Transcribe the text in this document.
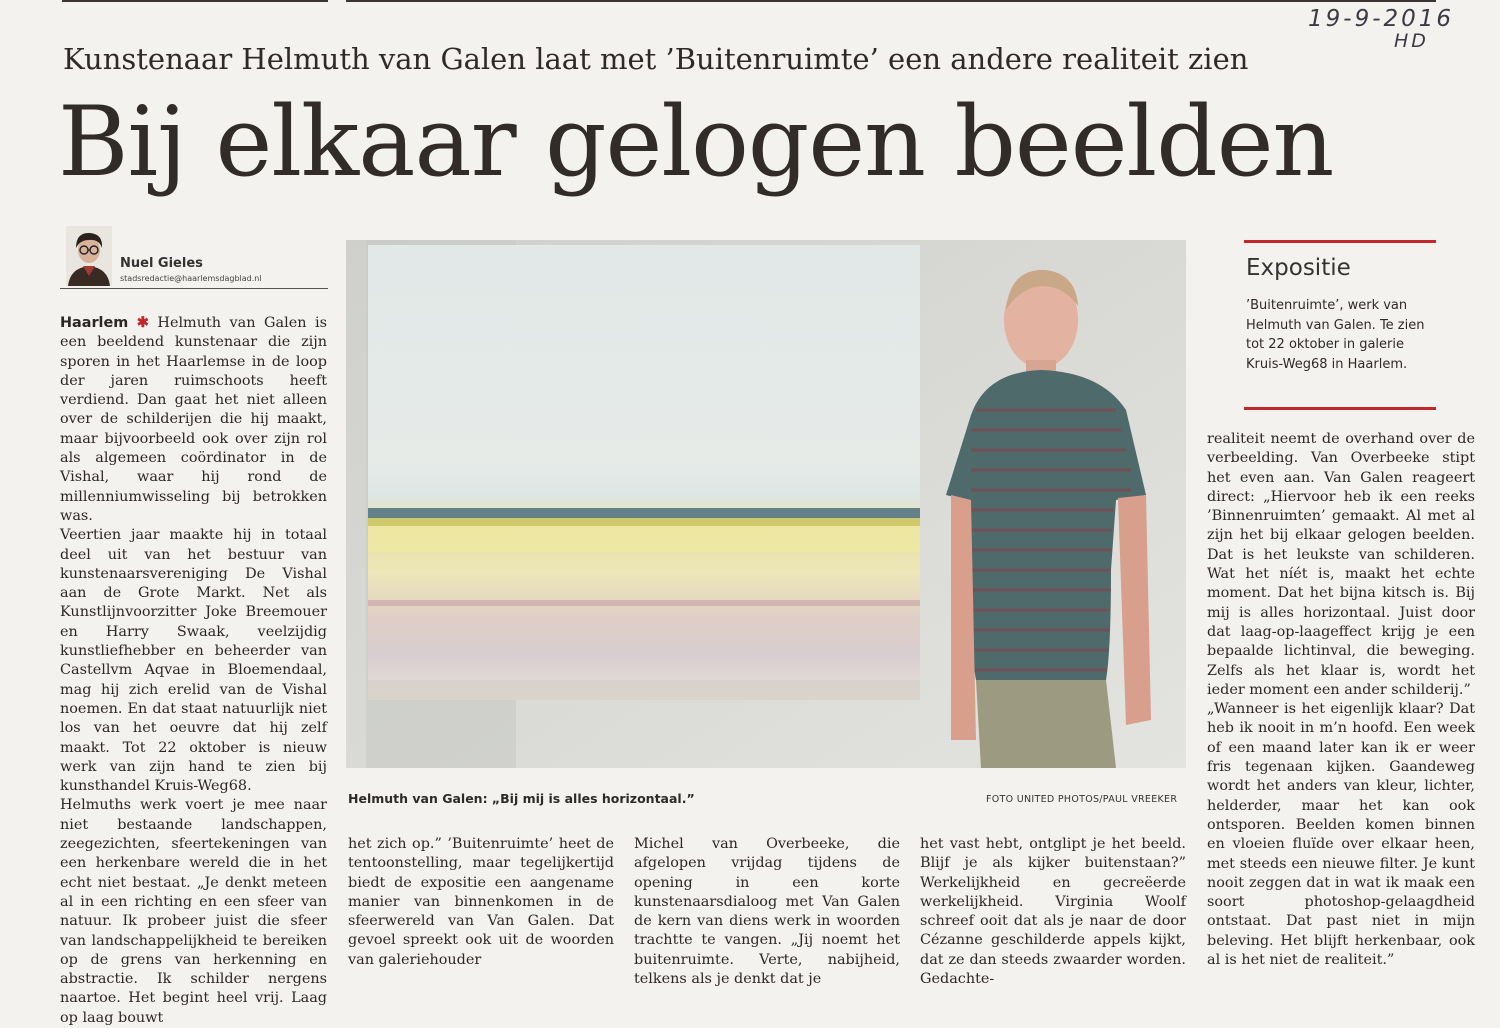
19-9-2016
HD
Kunstenaar Helmuth van Galen laat met ’Buitenruimte’ een andere realiteit zien
Bij elkaar gelogen beelden
Nuel Gieles
stadsredactie@haarlemsdagblad.nl

Haarlem ✱ Helmuth van Galen is een beeldend kunstenaar die zijn sporen in het Haarlemse in de loop der jaren ruimschoots heeft verdiend. Dan gaat het niet alleen over de schilderijen die hij maakt, maar bijvoorbeeld ook over zijn rol als algemeen coördinator in de Vishal, waar hij rond de millenniumwisseling bij betrokken was.

Veertien jaar maakte hij in totaal deel uit van het bestuur van kunstenaarsvereniging De Vishal aan de Grote Markt. Net als Kunstlijnvoorzitter Joke Breemouer en Harry Swaak, veelzijdig kunstliefhebber en beheerder van Castellvm Aqvae in Bloemendaal, mag hij zich erelid van de Vishal noemen. En dat staat natuurlijk niet los van het oeuvre dat hij zelf maakt. Tot 22 oktober is nieuw werk van zijn hand te zien bij kunsthandel Kruis-Weg68.

Helmuths werk voert je mee naar niet bestaande landschappen, zeegezichten, sfeertekeningen van een herkenbare wereld die in het echt niet bestaat. „Je denkt meteen al in een richting en een sfeer van natuur. Ik probeer juist die sfeer van landschappelijkheid te bereiken op de grens van herkenning en abstractie. Ik schilder nergens naartoe. Het begint heel vrij. Laag op laag bouwt

het zich op.” ’Buitenruimte’ heet de tentoonstelling, maar tegelijkertijd biedt de expositie een aangename manier van binnenkomen in de sfeerwereld van Van Galen. Dat gevoel spreekt ook uit de woorden van galeriehouder

Michel van Overbeeke, die afgelopen vrijdag tijdens de opening in een korte kunstenaarsdialoog met Van Galen de kern van diens werk in woorden trachtte te vangen. „Jij noemt het buitenruimte. Verte, nabijheid, telkens als je denkt dat je

het vast hebt, ontglipt je het beeld. Blijf je als kijker buitenstaan?” Werkelijkheid en gecreëerde werkelijkheid. Virginia Woolf schreef ooit dat als je naar de door Cézanne geschilderde appels kijkt, dat ze dan steeds zwaarder worden. Gedachte-

realiteit neemt de overhand over de verbeelding. Van Overbeeke stipt het even aan. Van Galen reageert direct: „Hiervoor heb ik een reeks ’Binnenruimten’ gemaakt. Al met al zijn het bij elkaar gelogen beelden. Dat is het leukste van schilderen. Wat het níét is, maakt het echte moment. Dat het bijna kitsch is. Bij mij is alles horizontaal. Juist door dat laag-op-laageffect krijg je een bepaalde lichtinval, die beweging. Zelfs als het klaar is, wordt het ieder moment een ander schilderij.”

„Wanneer is het eigenlijk klaar? Dat heb ik nooit in m’n hoofd. Een week of een maand later kan ik er weer fris tegenaan kijken. Gaandeweg wordt het anders van kleur, lichter, helderder, maar het kan ook ontsporen. Beelden komen binnen en vloeien fluïde over elkaar heen, met steeds een nieuwe filter. Je kunt nooit zeggen dat in wat ik maak een soort photoshop-gelaagdheid ontstaat. Dat past niet in mijn beleving. Het blijft herkenbaar, ook al is het niet de realiteit.”

Helmuth van Galen: „Bij mij is alles horizontaal.”	FOTO UNITED PHOTOS/PAUL VREEKER
Expositie
’Buitenruimte’, werk van Helmuth van Galen. Te zien tot 22 oktober in galerie Kruis-Weg68 in Haarlem.
